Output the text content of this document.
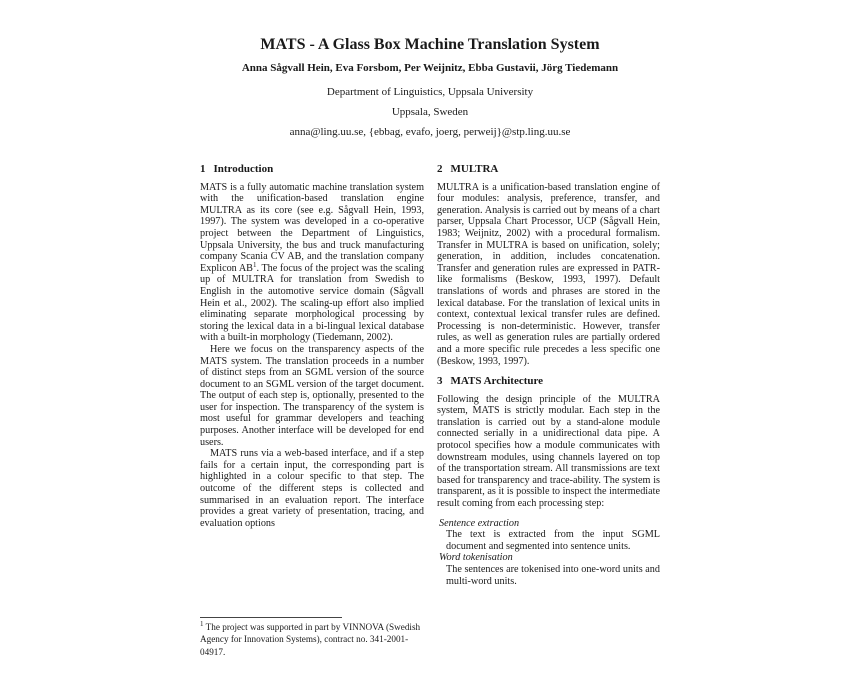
MATS - A Glass Box Machine Translation System
Anna Sågvall Hein, Eva Forsbom, Per Weijnitz, Ebba Gustavii, Jörg Tiedemann
Department of Linguistics, Uppsala University
Uppsala, Sweden
anna@ling.uu.se, {ebbag, evafo, joerg, perweij}@stp.ling.uu.se
1 Introduction

MATS is a fully automatic machine translation system with the unification-based translation engine MULTRA as its core (see e.g. Sågvall Hein, 1993, 1997). The system was developed in a co-operative project between the Department of Linguistics, Uppsala University, the bus and truck manufacturing company Scania CV AB, and the translation company Explicon $AB^1$. The focus of the project was the scaling up of MULTRA for translation from Swedish to English in the automotive service domain (Sågvall Hein et al., 2002). The scaling-up effort also implied eliminating separate morphological processing by storing the lexical data in a bi-lingual lexical database with a built-in morphology (Tiedemann, 2002).

Here we focus on the transparency aspects of the MATS system. The translation proceeds in a number of distinct steps from an SGML version of the source document to an SGML version of the target document. The output of each step is, optionally, presented to the user for inspection. The transparency of the system is most useful for grammar developers and teaching purposes. Another interface will be developed for end users.

MATS runs via a web-based interface, and if a step fails for a certain input, the corresponding part is highlighted in a colour specific to that step. The outcome of the different steps is collected and summarised in an evaluation report. The interface provides a great variety of presentation, tracing, and evaluation options

2 MULTRA

MULTRA is a unification-based translation engine of four modules: analysis, preference, transfer, and generation. Analysis is carried out by means of a chart parser, Uppsala Chart Processor, UCP (Sågvall Hein, 1983; Weijnitz, 2002) with a procedural formalism. Transfer in MULTRA is based on unification, solely; generation, in addition, includes concatenation. Transfer and generation rules are expressed in PATR-like formalisms (Beskow, 1993, 1997). Default translations of words and phrases are stored in the lexical database. For the translation of lexical units in context, contextual lexical transfer rules are defined. Processing is non-deterministic. However, transfer rules, as well as generation rules are partially ordered and a more specific rule precedes a less specific one (Beskow, 1993, 1997).

3 MATS Architecture

Following the design principle of the MULTRA system, MATS is strictly modular. Each step in the translation is carried out by a stand-alone module connected serially in a unidirectional data pipe. A protocol specifies how a module communicates with downstream modules, using channels layered on top of the transportation stream. All transmissions are text based for transparency and trace-ability. The system is transparent, as it is possible to inspect the intermediate result coming from each processing step:

Sentence extraction
The text is extracted from the input SGML document and segmented into sentence units.
Word tokenisation
The sentences are tokenised into one-word units and multi-word units.
$^1$ The project was supported in part by VINNOVA (Swedish Agency for Innovation Systems), contract no. 341-2001-04917.
